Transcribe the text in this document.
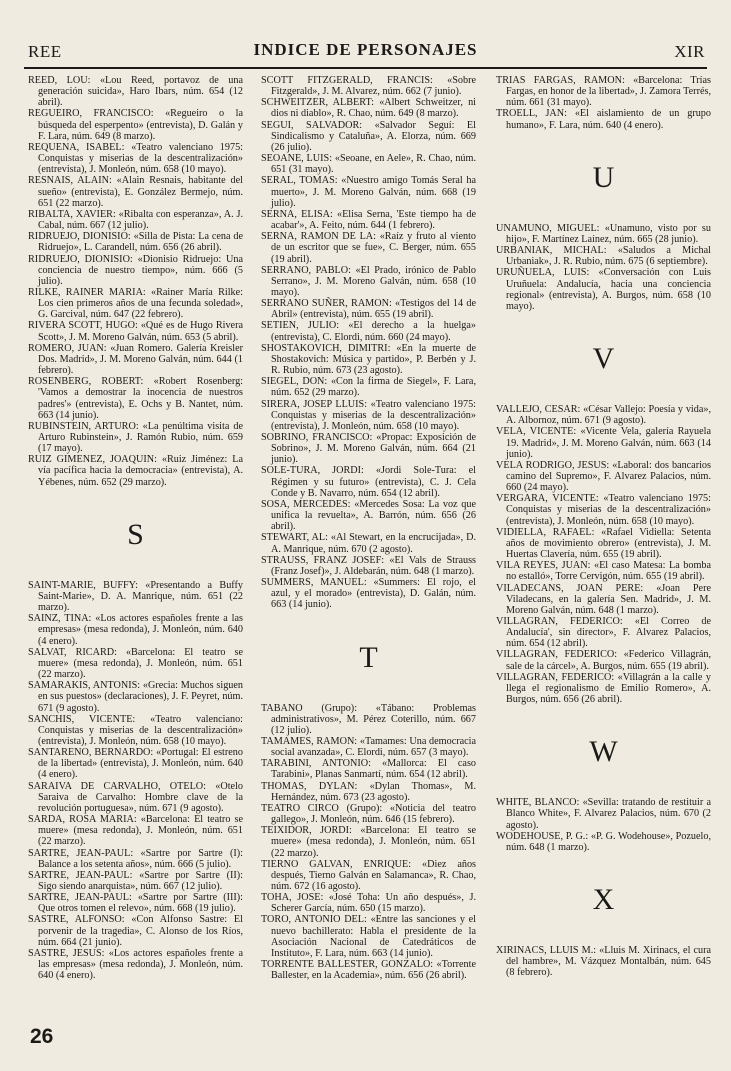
REE	INDICE DE PERSONAJES	XIR

REED, LOU: «Lou Reed, portavoz de una generación suicida», Haro Ibars, núm. 654 (12 abril).

REGUEIRO, FRANCISCO: «Regueiro o la búsqueda del esperpento» (entrevista), D. Galán y F. Lara, núm. 649 (8 marzo).

REQUENA, ISABEL: «Teatro valenciano 1975: Conquistas y miserias de la descentralización» (entrevista), J. Monleón, núm. 658 (10 mayo).

RESNAIS, ALAIN: «Alain Resnais, habitante del sueño» (entrevista), E. González Bermejo, núm. 651 (22 marzo).

RIBALTA, XAVIER: «Ribalta con esperanza», A. J. Cabal, núm. 667 (12 julio).

RIDRUEJO, DIONISIO: «Silla de Pista: La cena de Ridruejo», L. Carandell, núm. 656 (26 abril).

RIDRUEJO, DIONISIO: «Dionisio Ridruejo: Una conciencia de nuestro tiempo», núm. 666 (5 julio).

RILKE, RAINER MARIA: «Rainer María Rilke: Los cien primeros años de una fecunda soledad», G. Garcival, núm. 647 (22 febrero).

RIVERA SCOTT, HUGO: «Qué es de Hugo Rivera Scott», J. M. Moreno Galván, núm. 653 (5 abril).

ROMERO, JUAN: «Juan Romero. Galería Kreisler Dos. Madrid», J. M. Moreno Galván, núm. 644 (1 febrero).

ROSENBERG, ROBERT: «Robert Rosenberg: 'Vamos a demostrar la inocencia de nuestros padres'» (entrevista), E. Ochs y B. Nantet, núm. 663 (14 junio).

RUBINSTEIN, ARTURO: «La penúltima visita de Arturo Rubinstein», J. Ramón Rubio, núm. 659 (17 mayo).

RUIZ GIMENEZ, JOAQUIN: «Ruiz Jiménez: La vía pacífica hacia la democracia» (entrevista), A. Yébenes, núm. 652 (29 marzo).

S

SAINT-MARIE, BUFFY: «Presentando a Buffy Saint-Marie», D. A. Manrique, núm. 651 (22 marzo).

SAINZ, TINA: «Los actores españoles frente a las empresas» (mesa redonda), J. Monleón, núm. 640 (4 enero).

SALVAT, RICARD: «Barcelona: El teatro se muere» (mesa redonda), J. Monleón, núm. 651 (22 marzo).

SAMARAKIS, ANTONIS: «Grecia: Muchos siguen en sus puestos» (declaraciones), J. F. Peyret, núm. 671 (9 agosto).

SANCHIS, VICENTE: «Teatro valenciano: Conquistas y miserias de la descentralización» (entrevista), J. Monleón, núm. 658 (10 mayo).

SANTARENO, BERNARDO: «Portugal: El estreno de la libertad» (entrevista), J. Monleón, núm. 640 (4 enero).

SARAIVA DE CARVALHO, OTELO: «Otelo Saraiva de Carvalho: Hombre clave de la revolución portuguesa», núm. 671 (9 agosto).

SARDA, ROSA MARIA: «Barcelona: El teatro se muere» (mesa redonda), J. Monleón, núm. 651 (22 marzo).

SARTRE, JEAN-PAUL: «Sartre por Sartre (I): Balance a los setenta años», núm. 666 (5 julio).

SARTRE, JEAN-PAUL: «Sartre por Sartre (II): Sigo siendo anarquista», núm. 667 (12 julio).

SARTRE, JEAN-PAUL: «Sartre por Sartre (III): Que otros tomen el relevo», núm. 668 (19 julio).

SASTRE, ALFONSO: «Con Alfonso Sastre: El porvenir de la tragedia», C. Alonso de los Ríos, núm. 664 (21 junio).

SASTRE, JESUS: «Los actores españoles frente a las empresas» (mesa redonda), J. Monleón, núm. 640 (4 enero).

SCOTT FITZGERALD, FRANCIS: «Sobre Fitzgerald», J. M. Alvarez, núm. 662 (7 junio).

SCHWEITZER, ALBERT: «Albert Schweitzer, ni dios ni diablo», R. Chao, núm. 649 (8 marzo).

SEGUI, SALVADOR: «Salvador Seguí: El Sindicalismo y Cataluña», A. Elorza, núm. 669 (26 julio).

SEOANE, LUIS: «Seoane, en Aele», R. Chao, núm. 651 (31 mayo).

SERAL, TOMAS: «Nuestro amigo Tomás Seral ha muerto», J. M. Moreno Galván, núm. 668 (19 julio).

SERNA, ELISA: «Elisa Serna, 'Este tiempo ha de acabar'», A. Feito, núm. 644 (1 febrero).

SERNA, RAMON DE LA: «Raíz y fruto al viento de un escritor que se fue», C. Berger, núm. 655 (19 abril).

SERRANO, PABLO: «El Prado, irónico de Pablo Serrano», J. M. Moreno Galván, núm. 658 (10 mayo).

SERRANO SUÑER, RAMON: «Testigos del 14 de Abril» (entrevista), núm. 655 (19 abril).

SETIEN, JULIO: «El derecho a la huelga» (entrevista), C. Elordi, núm. 660 (24 mayo).

SHOSTAKOVICH, DIMITRI: «En la muerte de Shostakovich: Música y partido», P. Berbén y J. R. Rubio, núm. 673 (23 agosto).

SIEGEL, DON: «Con la firma de Siegel», F. Lara, núm. 652 (29 marzo).

SIRERA, JOSEP LLUIS: «Teatro valenciano 1975: Conquistas y miserias de la descentralización» (entrevista), J. Monleón, núm. 658 (10 mayo).

SOBRINO, FRANCISCO: «Propac: Exposición de Sobrino», J. M. Moreno Galván, núm. 664 (21 junio).

SOLE-TURA, JORDI: «Jordi Sole-Tura: el Régimen y su futuro» (entrevista), C. J. Cela Conde y B. Navarro, núm. 654 (12 abril).

SOSA, MERCEDES: «Mercedes Sosa: La voz que unifica la revuelta», A. Barrón, núm. 656 (26 abril).

STEWART, AL: «Al Stewart, en la encrucijada», D. A. Manrique, núm. 670 (2 agosto).

STRAUSS, FRANZ JOSEF: «El Vals de Strauss (Franz Josef)», J. Aldebarán, núm. 648 (1 marzo).

SUMMERS, MANUEL: «Summers: El rojo, el azul, y el morado» (entrevista), D. Galán, núm. 663 (14 junio).

T

TABANO (Grupo): «Tábano: Problemas administrativos», M. Pérez Coterillo, núm. 667 (12 julio).

TAMAMES, RAMON: «Tamames: Una democracia social avanzada», C. Elordi, núm. 657 (3 mayo).

TARABINI, ANTONIO: «Mallorca: El caso Tarabini», Planas Sanmartí, núm. 654 (12 abril).

THOMAS, DYLAN: «Dylan Thomas», M. Hernández, núm. 673 (23 agosto).

TEATRO CIRCO (Grupo): «Noticia del teatro gallego», J. Monleón, núm. 646 (15 febrero).

TEIXIDOR, JORDI: «Barcelona: El teatro se muere» (mesa redonda), J. Monleón, núm. 651 (22 marzo).

TIERNO GALVAN, ENRIQUE: «Diez años después, Tierno Galván en Salamanca», R. Chao, núm. 672 (16 agosto).

TOHA, JOSE: «José Toha: Un año después», J. Scherer García, núm. 650 (15 marzo).

TORO, ANTONIO DEL: «Entre las sanciones y el nuevo bachillerato: Habla el presidente de la Asociación Nacional de Catedráticos de Instituto», F. Lara, núm. 663 (14 junio).

TORRENTE BALLESTER, GONZALO: «Torrente Ballester, en la Academia», núm. 656 (26 abril).

TRIAS FARGAS, RAMON: «Barcelona: Trías Fargas, en honor de la libertad», J. Zamora Terrés, núm. 661 (31 mayo).

TROELL, JAN: «El aislamiento de un grupo humano», F. Lara, núm. 640 (4 enero).

U

UNAMUNO, MIGUEL: «Unamuno, visto por su hijo», F. Martínez Laínez, núm. 665 (28 junio).

URBANIAK, MICHAL: «Saludos a Michal Urbaniak», J. R. Rubio, núm. 675 (6 septiembre).

URUÑUELA, LUIS: «Conversación con Luis Uruñuela: Andalucía, hacia una conciencia regional» (entrevista), A. Burgos, núm. 658 (10 mayo).

V

VALLEJO, CESAR: «César Vallejo: Poesía y vida», A. Albornoz, núm. 671 (9 agosto).

VELA, VICENTE: «Vicente Vela, galería Rayuela 19. Madrid», J. M. Moreno Galván, núm. 663 (14 junio).

VELA RODRIGO, JESUS: «Laboral: dos bancarios camino del Supremo», F. Alvarez Palacios, núm. 660 (24 mayo).

VERGARA, VICENTE: «Teatro valenciano 1975: Conquistas y miserias de la descentralización» (entrevista), J. Monleón, núm. 658 (10 mayo).

VIDIELLA, RAFAEL: «Rafael Vidiella: Setenta años de movimiento obrero» (entrevista), J. M. Huertas Clavería, núm. 655 (19 abril).

VILA REYES, JUAN: «El caso Matesa: La bomba no estalló», Torre Cervigón, núm. 655 (19 abril).

VILADECANS, JOAN PERE: «Joan Pere Viladecans, en la galería Sen. Madrid», J. M. Moreno Galván, núm. 648 (1 marzo).

VILLAGRAN, FEDERICO: «El Correo de Andalucía', sin director», F. Alvarez Palacios, núm. 654 (12 abril).

VILLAGRAN, FEDERICO: «Federico Villagrán, sale de la cárcel», A. Burgos, núm. 655 (19 abril).

VILLAGRAN, FEDERICO: «Villagrán a la calle y llega el regionalismo de Emilio Romero», A. Burgos, núm. 656 (26 abril).

W

WHITE, BLANCO: «Sevilla: tratando de restituir a Blanco White», F. Alvarez Palacios, núm. 670 (2 agosto).

WODEHOUSE, P. G.: «P. G. Wodehouse», Pozuelo, núm. 648 (1 marzo).

X

XIRINACS, LLUIS M.: «Lluis M. Xirinacs, el cura del hambre», M. Vázquez Montalbán, núm. 645 (8 febrero).

26
